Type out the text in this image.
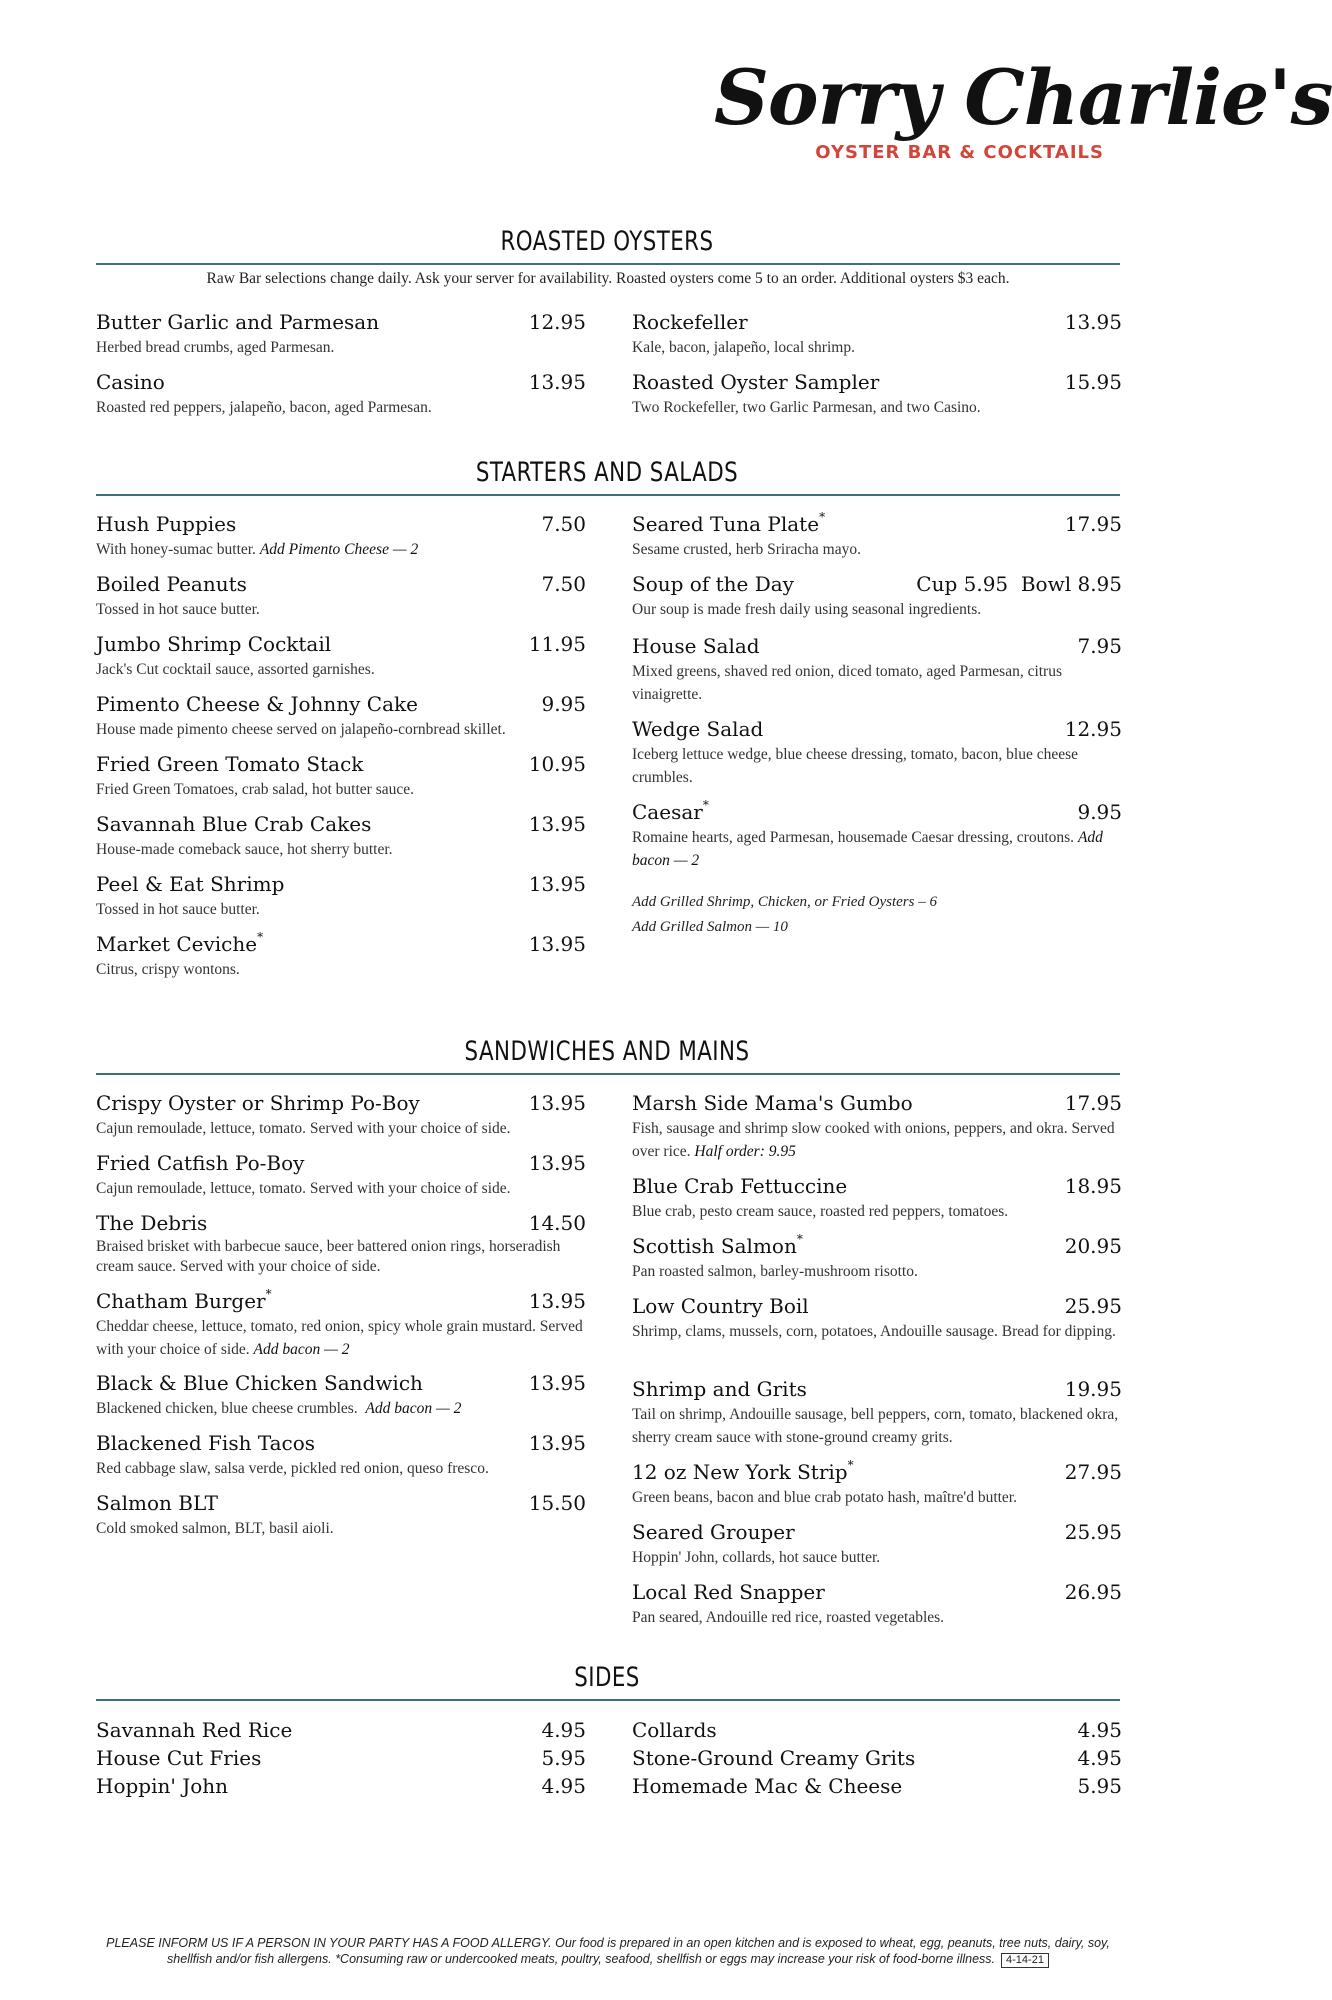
Sorry Charlie's
OYSTER BAR & COCKTAILS
ROASTED OYSTERS
Raw Bar selections change daily. Ask your server for availability. Roasted oysters come 5 to an order. Additional oysters $3 each.
Butter Garlic and Parmesan	12.95
Herbed bread crumbs, aged Parmesan.
Casino	13.95
Roasted red peppers, jalapeño, bacon, aged Parmesan.
Rockefeller	13.95
Kale, bacon, jalapeño, local shrimp.
Roasted Oyster Sampler	15.95
Two Rockefeller, two Garlic Parmesan, and two Casino.
STARTERS AND SALADS
Hush Puppies	7.50
With honey-sumac butter. Add Pimento Cheese — 2
Boiled Peanuts	7.50
Tossed in hot sauce butter.
Jumbo Shrimp Cocktail	11.95
Jack's Cut cocktail sauce, assorted garnishes.
Pimento Cheese & Johnny Cake	9.95
House made pimento cheese served on jalapeño-cornbread skillet.
Fried Green Tomato Stack	10.95
Fried Green Tomatoes, crab salad, hot butter sauce.
Savannah Blue Crab Cakes	13.95
House-made comeback sauce, hot sherry butter.
Peel & Eat Shrimp	13.95
Tossed in hot sauce butter.
Market Ceviche*	13.95
Citrus, crispy wontons.
Seared Tuna Plate*	17.95
Sesame crusted, herb Sriracha mayo.
Soup of the Day	Cup 5.95  Bowl 8.95
Our soup is made fresh daily using seasonal ingredients.
House Salad	7.95
Mixed greens, shaved red onion, diced tomato, aged Parmesan, citrus vinaigrette.
Wedge Salad	12.95
Iceberg lettuce wedge, blue cheese dressing, tomato, bacon, blue cheese crumbles.
Caesar*	9.95
Romaine hearts, aged Parmesan, housemade Caesar dressing, croutons. Add bacon — 2
Add Grilled Shrimp, Chicken, or Fried Oysters – 6
Add Grilled Salmon — 10
SANDWICHES AND MAINS
Crispy Oyster or Shrimp Po-Boy	13.95
Cajun remoulade, lettuce, tomato. Served with your choice of side.
Fried Catfish Po-Boy	13.95
Cajun remoulade, lettuce, tomato. Served with your choice of side.
The Debris	14.50
Braised brisket with barbecue sauce, beer battered onion rings, horseradish cream sauce. Served with your choice of side.
Chatham Burger*	13.95
Cheddar cheese, lettuce, tomato, red onion, spicy whole grain mustard. Served with your choice of side. Add bacon — 2
Black & Blue Chicken Sandwich	13.95
Blackened chicken, blue cheese crumbles. Add bacon — 2
Blackened Fish Tacos	13.95
Red cabbage slaw, salsa verde, pickled red onion, queso fresco.
Salmon BLT	15.50
Cold smoked salmon, BLT, basil aioli.
Marsh Side Mama's Gumbo	17.95
Fish, sausage and shrimp slow cooked with onions, peppers, and okra. Served over rice. Half order: 9.95
Blue Crab Fettuccine	18.95
Blue crab, pesto cream sauce, roasted red peppers, tomatoes.
Scottish Salmon*	20.95
Pan roasted salmon, barley-mushroom risotto.
Low Country Boil	25.95
Shrimp, clams, mussels, corn, potatoes, Andouille sausage. Bread for dipping.
Shrimp and Grits	19.95
Tail on shrimp, Andouille sausage, bell peppers, corn, tomato, blackened okra, sherry cream sauce with stone-ground creamy grits.
12 oz New York Strip*	27.95
Green beans, bacon and blue crab potato hash, maître'd butter.
Seared Grouper	25.95
Hoppin' John, collards, hot sauce butter.
Local Red Snapper	26.95
Pan seared, Andouille red rice, roasted vegetables.
SIDES
Savannah Red Rice	4.95
House Cut Fries	5.95
Hoppin' John	4.95
Collards	4.95
Stone-Ground Creamy Grits	4.95
Homemade Mac & Cheese	5.95
PLEASE INFORM US IF A PERSON IN YOUR PARTY HAS A FOOD ALLERGY. Our food is prepared in an open kitchen and is exposed to wheat, egg, peanuts, tree nuts, dairy, soy, shellfish and/or fish allergens. *Consuming raw or undercooked meats, poultry, seafood, shellfish or eggs may increase your risk of food-borne illness. 4-14-21
